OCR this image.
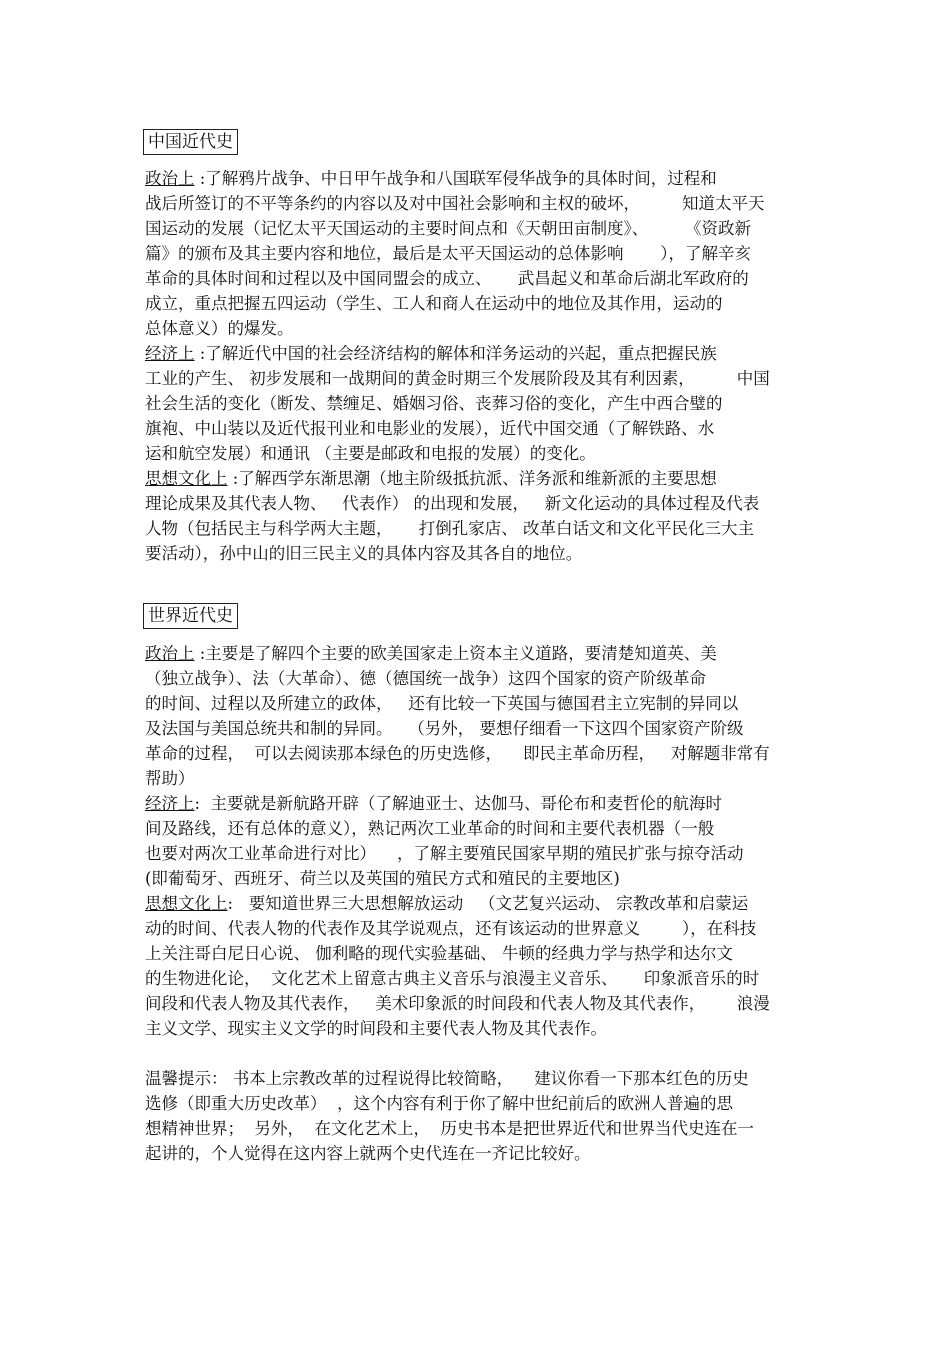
中国近代史
政治上 :了解鸦片战争、中日甲午战争和八国联军侵华战争的具体时间，过程和
战后所签订的不平等条约的内容以及对中国社会影响和主权的破坏，        知道太平天
国运动的发展（记忆太平天国运动的主要时间点和《天朝田亩制度》、       《资政新
篇》的颁布及其主要内容和地位，最后是太平天国运动的总体影响       ），了解辛亥
革命的具体时间和过程以及中国同盟会的成立、     武昌起义和革命后湖北军政府的
成立，重点把握五四运动（学生、工人和商人在运动中的地位及其作用，运动的
总体意义）的爆发。
经济上 :了解近代中国的社会经济结构的解体和洋务运动的兴起，重点把握民族
工业的产生、 初步发展和一战期间的黄金时期三个发展阶段及其有利因素，        中国
社会生活的变化（断发、禁缠足、婚姻习俗、丧葬习俗的变化，产生中西合璧的
旗袍、中山装以及近代报刊业和电影业的发展），近代中国交通（了解铁路、水
运和航空发展）和通讯 （主要是邮政和电报的发展）的变化。
思想文化上 :了解西学东渐思潮（地主阶级抵抗派、洋务派和维新派的主要思想
理论成果及其代表人物、   代表作） 的出现和发展，   新文化运动的具体过程及代表
人物（包括民主与科学两大主题，     打倒孔家店、 改革白话文和文化平民化三大主
要活动），孙中山的旧三民主义的具体内容及其各自的地位。
世界近代史
政治上 :主要是了解四个主要的欧美国家走上资本主义道路，要清楚知道英、美
（独立战争）、法（大革命）、德（德国统一战争）这四个国家的资产阶级革命
的时间、过程以及所建立的政体，   还有比较一下英国与德国君主立宪制的异同以
及法国与美国总统共和制的异同。   （另外， 要想仔细看一下这四个国家资产阶级
革命的过程，  可以去阅读那本绿色的历史选修，    即民主革命历程，   对解题非常有
帮助）
经济上:  主要就是新航路开辟（了解迪亚士、达伽马、哥伦布和麦哲伦的航海时
间及路线，还有总体的意义），熟记两次工业革命的时间和主要代表机器（一般
也要对两次工业革命进行对比）    ，了解主要殖民国家早期的殖民扩张与掠夺活动
(即葡萄牙、西班牙、荷兰以及英国的殖民方式和殖民的主要地区)
思想文化上:   要知道世界三大思想解放运动   （文艺复兴运动、 宗教改革和启蒙运
动的时间、代表人物的代表作及其学说观点，还有该运动的世界意义        ），在科技
上关注哥白尼日心说、 伽利略的现代实验基础、 牛顿的经典力学与热学和达尔文
的生物进化论，  文化艺术上留意古典主义音乐与浪漫主义音乐、     印象派音乐的时
间段和代表人物及其代表作，   美术印象派的时间段和代表人物及其代表作，      浪漫
主义文学、现实主义文学的时间段和主要代表人物及其代表作。
温馨提示： 书本上宗教改革的过程说得比较简略，    建议你看一下那本红色的历史
选修（即重大历史改革）  ，这个内容有利于你了解中世纪前后的欧洲人普遍的思
想精神世界；  另外，  在文化艺术上，  历史书本是把世界近代和世界当代史连在一
起讲的，个人觉得在这内容上就两个史代连在一齐记比较好。
